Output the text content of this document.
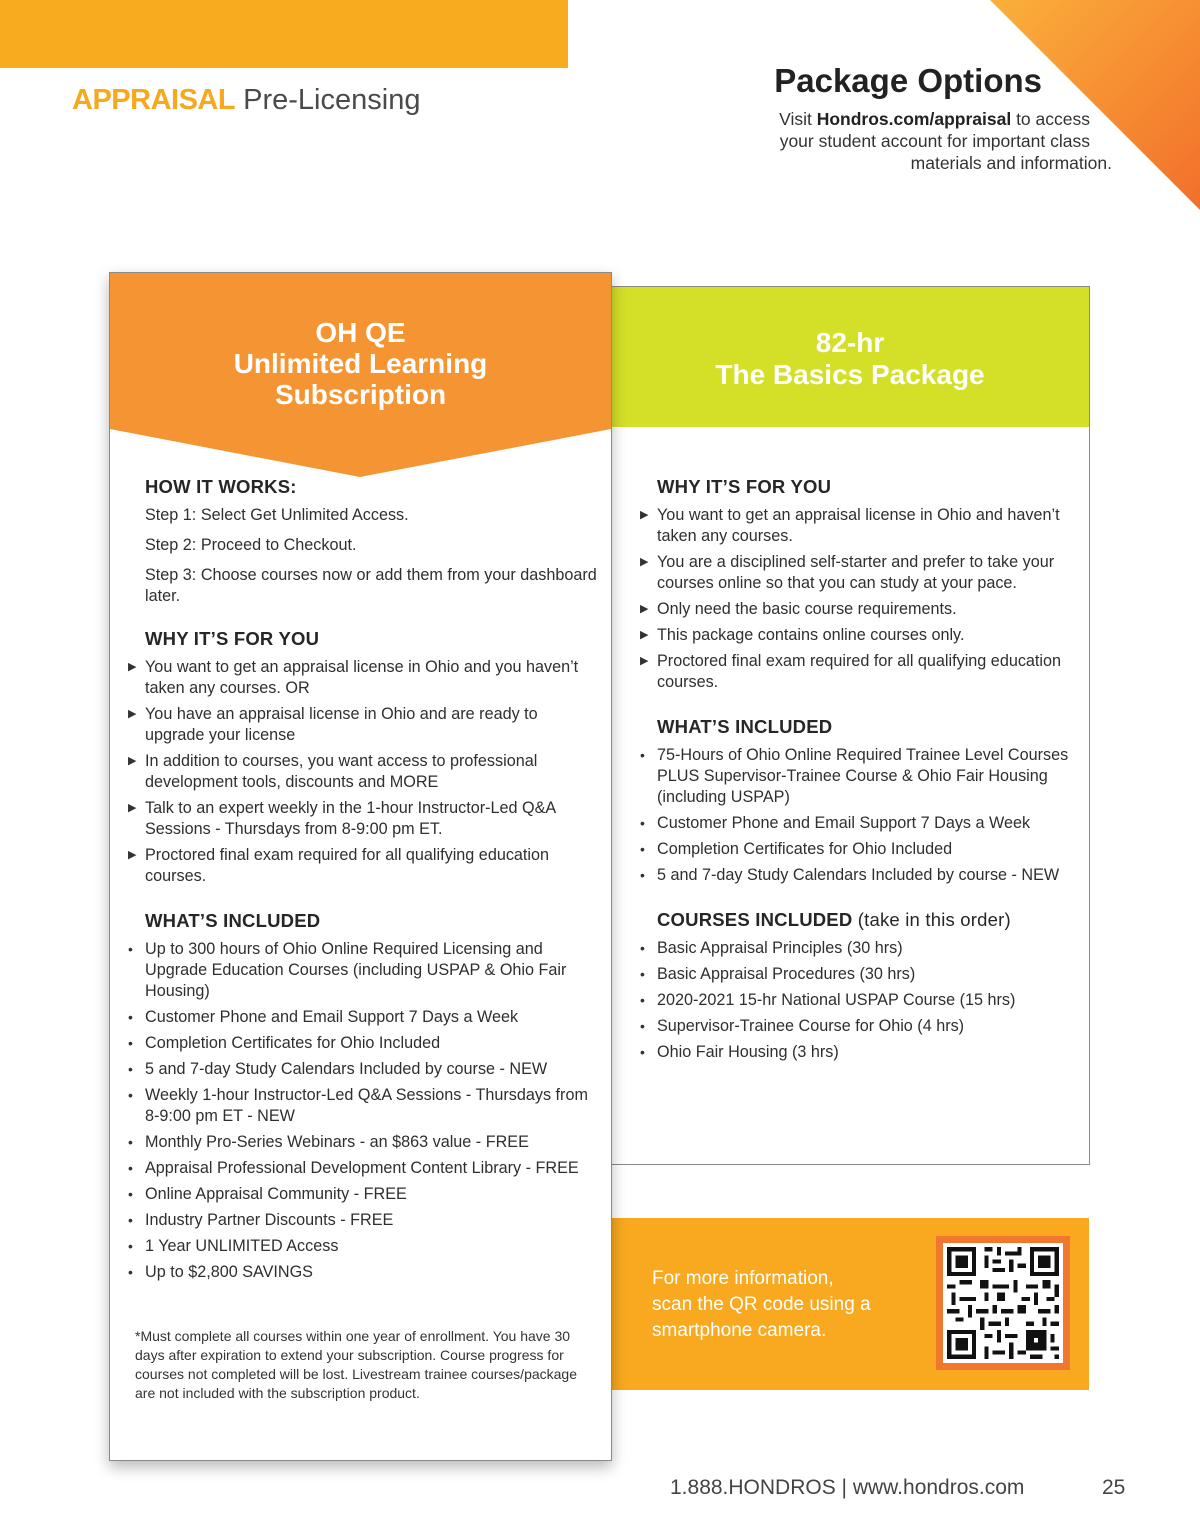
APPRAISAL Pre-Licensing
Package Options
Visit Hondros.com/appraisal to access
your student account for important class
materials and information.
82-hr
The Basics Package
WHY IT’S FOR YOU
▶ You want to get an appraisal license in Ohio and haven’t taken any courses.
▶ You are a disciplined self-starter and prefer to take your courses online so that you can study at your pace.
▶ Only need the basic course requirements.
▶ This package contains online courses only.
▶ Proctored final exam required for all qualifying education courses.
WHAT’S INCLUDED
• 75-Hours of Ohio Online Required Trainee Level Courses PLUS Supervisor-Trainee Course & Ohio Fair Housing (including USPAP)
• Customer Phone and Email Support 7 Days a Week
• Completion Certificates for Ohio Included
• 5 and 7-day Study Calendars Included by course - NEW
COURSES INCLUDED (take in this order)
• Basic Appraisal Principles (30 hrs)
• Basic Appraisal Procedures (30 hrs)
• 2020-2021 15-hr National USPAP Course (15 hrs)
• Supervisor-Trainee Course for Ohio (4 hrs)
• Ohio Fair Housing (3 hrs)
OH QE
Unlimited Learning
Subscription
HOW IT WORKS:
Step 1: Select Get Unlimited Access.
Step 2: Proceed to Checkout.
Step 3: Choose courses now or add them from your dashboard later.
WHY IT’S FOR YOU
▶ You want to get an appraisal license in Ohio and you haven’t taken any courses. OR
▶ You have an appraisal license in Ohio and are ready to upgrade your license
▶ In addition to courses, you want access to professional development tools, discounts and MORE
▶ Talk to an expert weekly in the 1-hour Instructor-Led Q&A Sessions - Thursdays from 8-9:00 pm ET.
▶ Proctored final exam required for all qualifying education courses.
WHAT’S INCLUDED
• Up to 300 hours of Ohio Online Required Licensing and Upgrade Education Courses (including USPAP & Ohio Fair Housing)
• Customer Phone and Email Support 7 Days a Week
• Completion Certificates for Ohio Included
• 5 and 7-day Study Calendars Included by course - NEW
• Weekly 1-hour Instructor-Led Q&A Sessions - Thursdays from 8-9:00 pm ET - NEW
• Monthly Pro-Series Webinars - an $863 value - FREE
• Appraisal Professional Development Content Library - FREE
• Online Appraisal Community - FREE
• Industry Partner Discounts - FREE
• 1 Year UNLIMITED Access
• Up to $2,800 SAVINGS
*Must complete all courses within one year of enrollment. You have 30 days after expiration to extend your subscription. Course progress for courses not completed will be lost. Livestream trainee courses/package are not included with the subscription product.
For more information,
scan the QR code using a
smartphone camera.
1.888.HONDROS | www.hondros.com	25
